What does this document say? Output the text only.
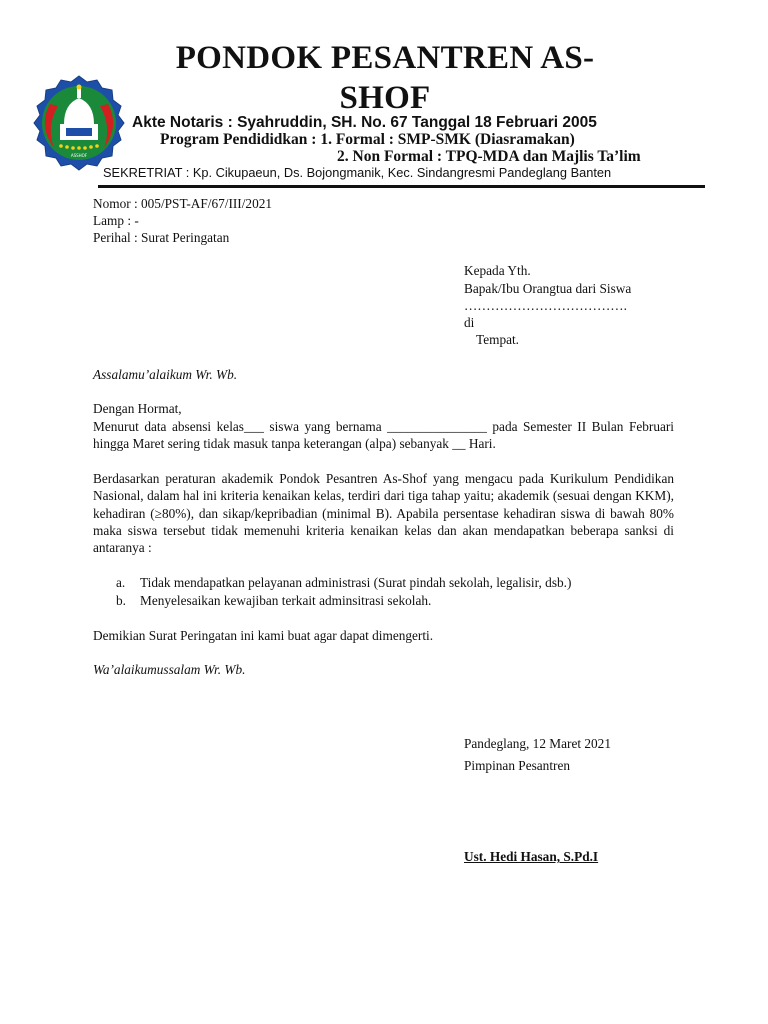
PONDOK PESANTREN AS-
SHOF
ASSHOF
Akte Notaris : Syahruddin, SH. No. 67 Tanggal 18 Februari 2005
Program Pendididkan : 1. Formal : SMP-SMK (Diasramakan)
2. Non Formal : TPQ-MDA dan Majlis Ta’lim
SEKRETRIAT : Kp. Cikupaeun, Ds. Bojongmanik, Kec. Sindangresmi Pandeglang Banten
Nomor : 005/PST-AF/67/III/2021
Lamp : -
Perihal : Surat Peringatan
Kepada Yth.
Bapak/Ibu Orangtua dari Siswa
……………………………….
di
Tempat.
Assalamu’alaikum Wr. Wb.
Dengan Hormat,
Menurut data absensi kelas___ siswa yang bernama _______________ pada Semester II Bulan Februari hingga Maret sering tidak masuk tanpa keterangan (alpa) sebanyak __ Hari.
Berdasarkan peraturan akademik Pondok Pesantren As-Shof yang mengacu pada Kurikulum Pendidikan Nasional, dalam hal ini kriteria kenaikan kelas, terdiri dari tiga tahap yaitu; akademik (sesuai dengan KKM), kehadiran (≥80%), dan sikap/kepribadian (minimal B). Apabila persentase kehadiran siswa di bawah 80% maka siswa tersebut tidak memenuhi kriteria kenaikan kelas dan akan mendapatkan beberapa sanksi di antaranya :
a. Tidak mendapatkan pelayanan administrasi (Surat pindah sekolah, legalisir, dsb.)
b. Menyelesaikan kewajiban terkait adminsitrasi sekolah.
Demikian Surat Peringatan ini kami buat agar dapat dimengerti.
Wa’alaikumussalam Wr. Wb.
Pandeglang, 12 Maret 2021
Pimpinan Pesantren
Ust. Hedi Hasan, S.Pd.I
